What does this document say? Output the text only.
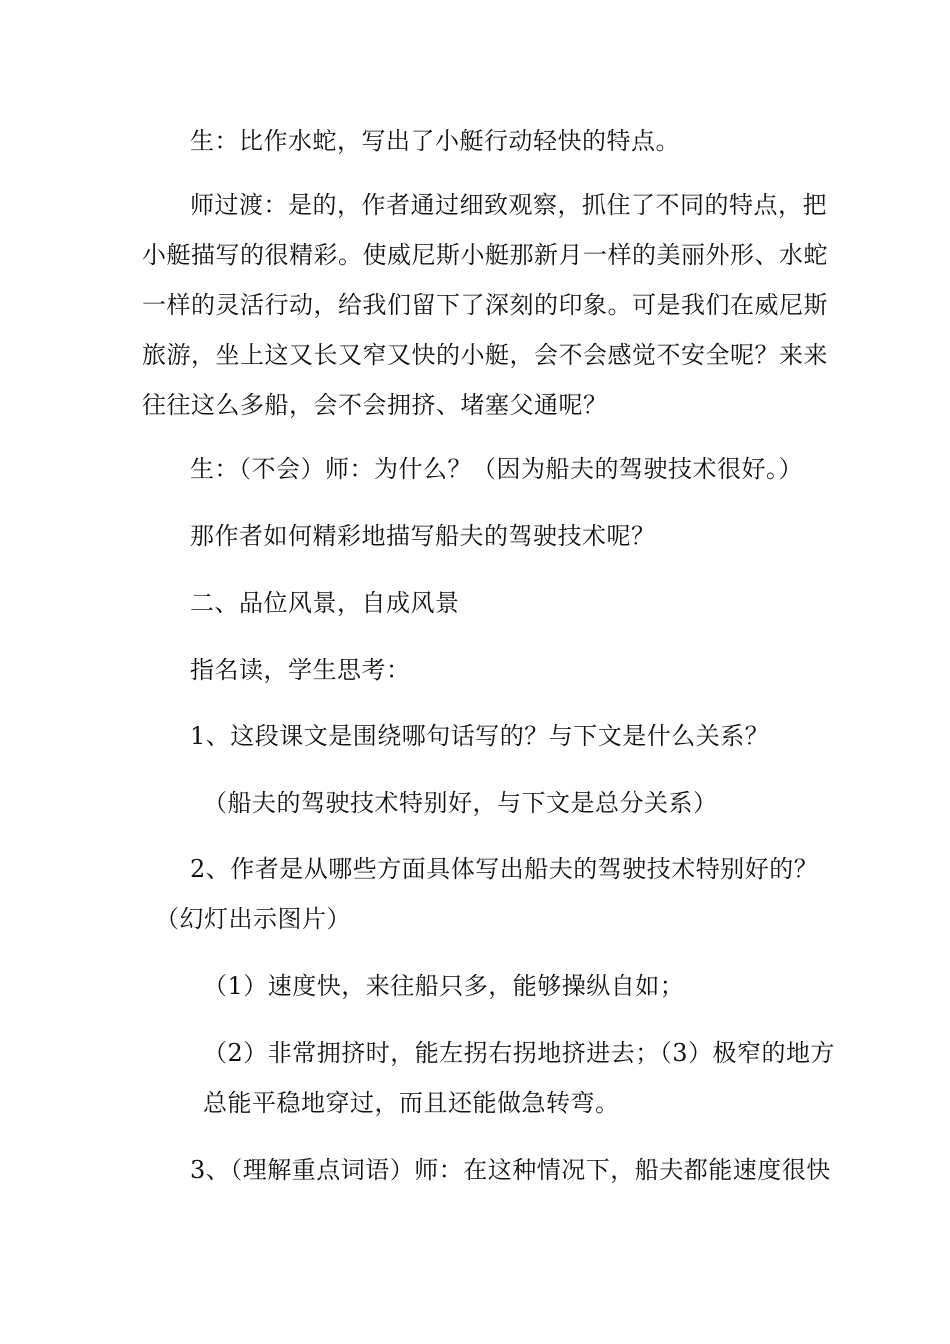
生：比作水蛇，写出了小艇行动轻快的特点。
师过渡：是的，作者通过细致观察，抓住了不同的特点，把
小艇描写的很精彩。使威尼斯小艇那新月一样的美丽外形、水蛇
一样的灵活行动，给我们留下了深刻的印象。可是我们在威尼斯
旅游，坐上这又长又窄又快的小艇，会不会感觉不安全呢？来来
往往这么多船，会不会拥挤、堵塞父通呢？
生：（不会）师：为什么？（因为船夫的驾驶技术很好。）
那作者如何精彩地描写船夫的驾驶技术呢？
二、品位风景，自成风景
指名读，学生思考：
1、这段课文是围绕哪句话写的？与下文是什么关系？
（船夫的驾驶技术特别好，与下文是总分关系）
2、作者是从哪些方面具体写出船夫的驾驶技术特别好的？
（幻灯出示图片）
（1）速度快，来往船只多，能够操纵自如；
（2）非常拥挤时，能左拐右拐地挤进去；（3）极窄的地方
总能平稳地穿过，而且还能做急转弯。
3、（理解重点词语）师：在这种情况下，船夫都能速度很快
